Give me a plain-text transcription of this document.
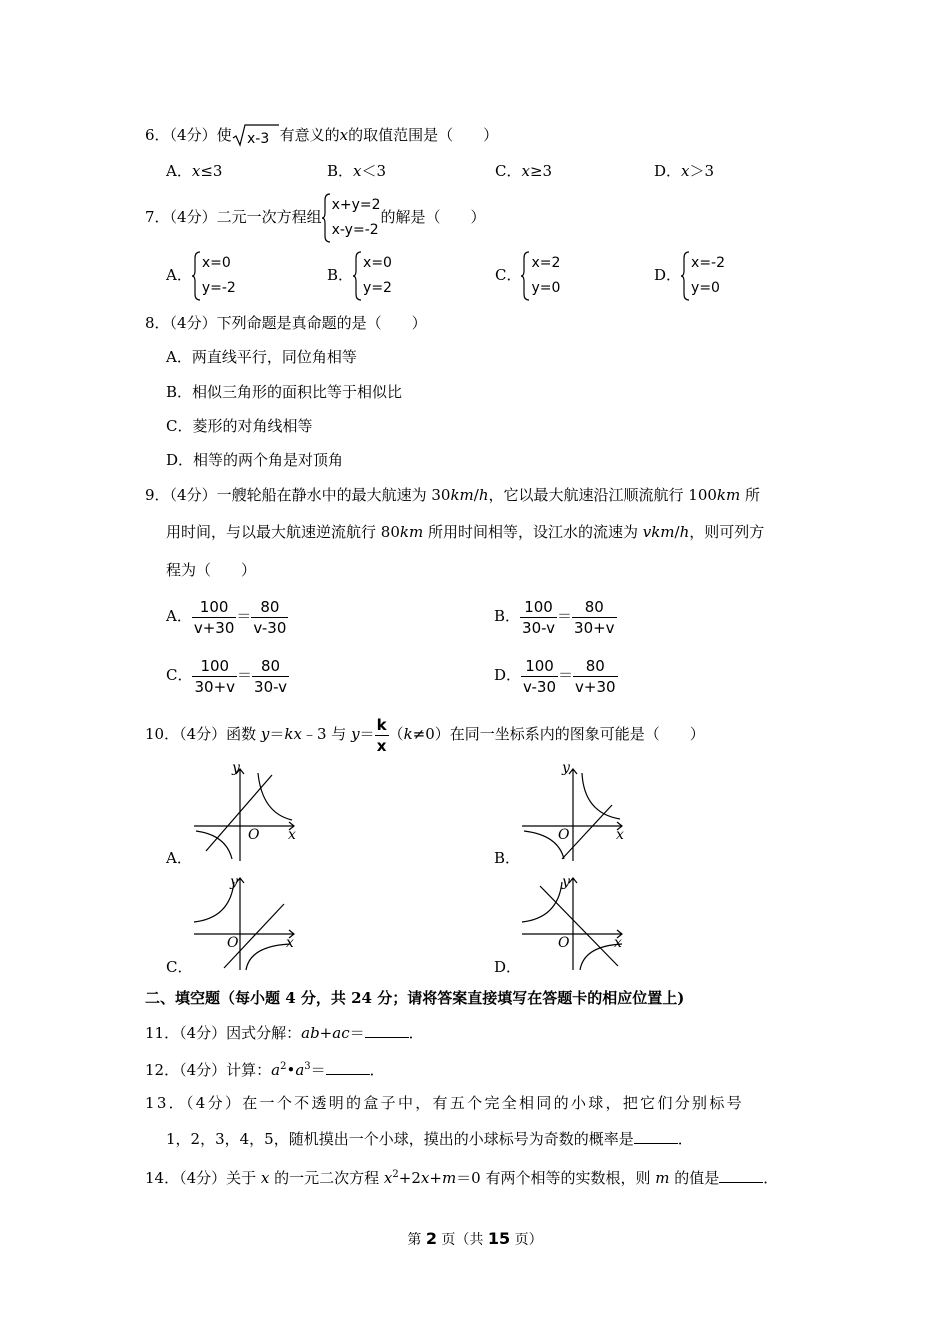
6．（4分）使 x-3 有意义的x的取值范围是（　　）
A．x≤3	B．x＜3	C．x≥3	D．x＞3
7．（4分）二元一次方程组
x+y=2
x-y=-2
的解是（　　）
A．
x=0
y=-2
B．
x=0
y=2
C．
x=2
y=0
D．
x=-2
y=0
8．（4分）下列命题是真命题的是（　　）
A．两直线平行，同位角相等
B．相似三角形的面积比等于相似比
C．菱形的对角线相等
D．相等的两个角是对顶角
9．（4分）一艘轮船在静水中的最大航速为 30km/h，它以最大航速沿江顺流航行 100km 所
用时间，与以最大航速逆流航行 80km 所用时间相等，设江水的流速为 vkm/h，则可列方
程为（　　）
A． $\frac{100}{v+30} = \frac{80}{v-30}$	B． $\frac{100}{30-v} = \frac{80}{30+v}$
C． $\frac{100}{30+v} = \frac{80}{30-v}$	D． $\frac{100}{v-30} = \frac{80}{v+30}$
10．（4分）函数 y＝kx﹣3 与 $y= \frac{k}{x} (k\ne 0)$在同一坐标系内的图象可能是（　　）
A．
y
x
O
B．
y
x
O
C．
y
x
O
D．
y
x
O
二、填空题（每小题 4 分，共 24 分；请将答案直接填写在答题卡的相应位置上)
11．（4分）因式分解：ab+ac＝	．
12．（4分）计算：$a^2•a^3=$	．
13．（4分）在一个不透明的盒子中，有五个完全相同的小球，把它们分别标号
1，2，3，4，5，随机摸出一个小球，摸出的小球标号为奇数的概率是	．
14．（4分）关于 x 的一元二次方程 $x^2+2x+m=0$ 有两个相等的实数根，则 m 的值是	．
第 2 页（共 15 页）
